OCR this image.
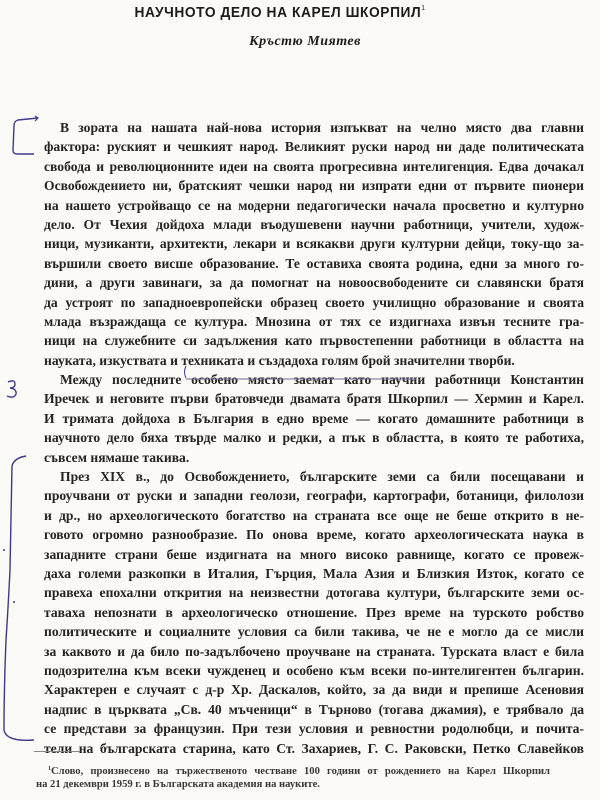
НАУЧНОТО ДЕЛО НА КАРЕЛ ШКОРПИЛ$^1$
Кръстю Миятев
В зората на нашата най-нова история изпъкват на челно място два главни
фактора: руският и чешкият народ. Великият руски народ ни даде политическата
свобода и революционните идеи на своята прогресивна интелигенция. Едва дочакал
Освобождението ни, братският чешки народ ни изпрати едни от първите пионери
на нашето устройващо се на модерни педагогически начала просветно и културно
дело. От Чехия дойдоха млади въодушевени научни работници, учители, худож-
ници, музиканти, архитекти, лекари и всякакви други културни дейци, току-що за-
вършили своето висше образование. Те оставиха своята родина, едни за много го-
дини, а други завинаги, за да помогнат на новоосвободените си славянски братя
да устроят по западноевропейски образец своето училищно образование и своята
млада възраждаща се култура. Мнозина от тях се издигнаха извън тесните гра-
ници на служебните си задължения като първостепенни работници в областта на
науката, изкуствата и техниката и създадоха голям брой значителни творби.
Между последните особено място заемат като научни работници Константин
Иречек и неговите първи братовчеди двамата братя Шкорпил — Хермин и Карел.
И тримата дойдоха в България в едно време — когато домашните работници в
научното дело бяха твърде малко и редки, а пък в областта, в която те работиха,
съвсем нямаше такива.
През XIX в., до Освобождението, българските земи са били посещавани и
проучвани от руски и западни геолози, географи, картографи, ботаници, филолози
и др., но археологическото богатство на страната все още не беше открито в не-
говото огромно разнообразие. По онова време, когато археологическата наука в
западните страни беше издигната на много високо равнище, когато се провеж-
даха големи разкопки в Италия, Гърция, Мала Азия и Близкия Изток, когато се
правеха епохални открития на неизвестни дотогава култури, българските земи ос-
таваха непознати в археологическо отношение. През време на турското робство
политическите и социалните условия са били такива, че не е могло да се мисли
за каквото и да било по-задълбочено проучване на страната. Турската власт е била
подозрителна към всеки чужденец и особено към всеки по-интелигентен българин.
Характерен е случаят с д-р Хр. Даскалов, който, за да види и препише Асеновия
надпис в църквата „Св. 40 мъченици“ в Търново (тогава джамия), е трябвало да
се представи за французин. При тези условия и ревностни родолюбци, и почита-
тели на българската старина, като Ст. Захариев, Г. С. Раковски, Петко Славейков
$^1$Слово, произнесено на тържественото честване 100 години от рождението на Карел Шкорпил
на 21 декември 1959 г. в Българската академия на науките.
